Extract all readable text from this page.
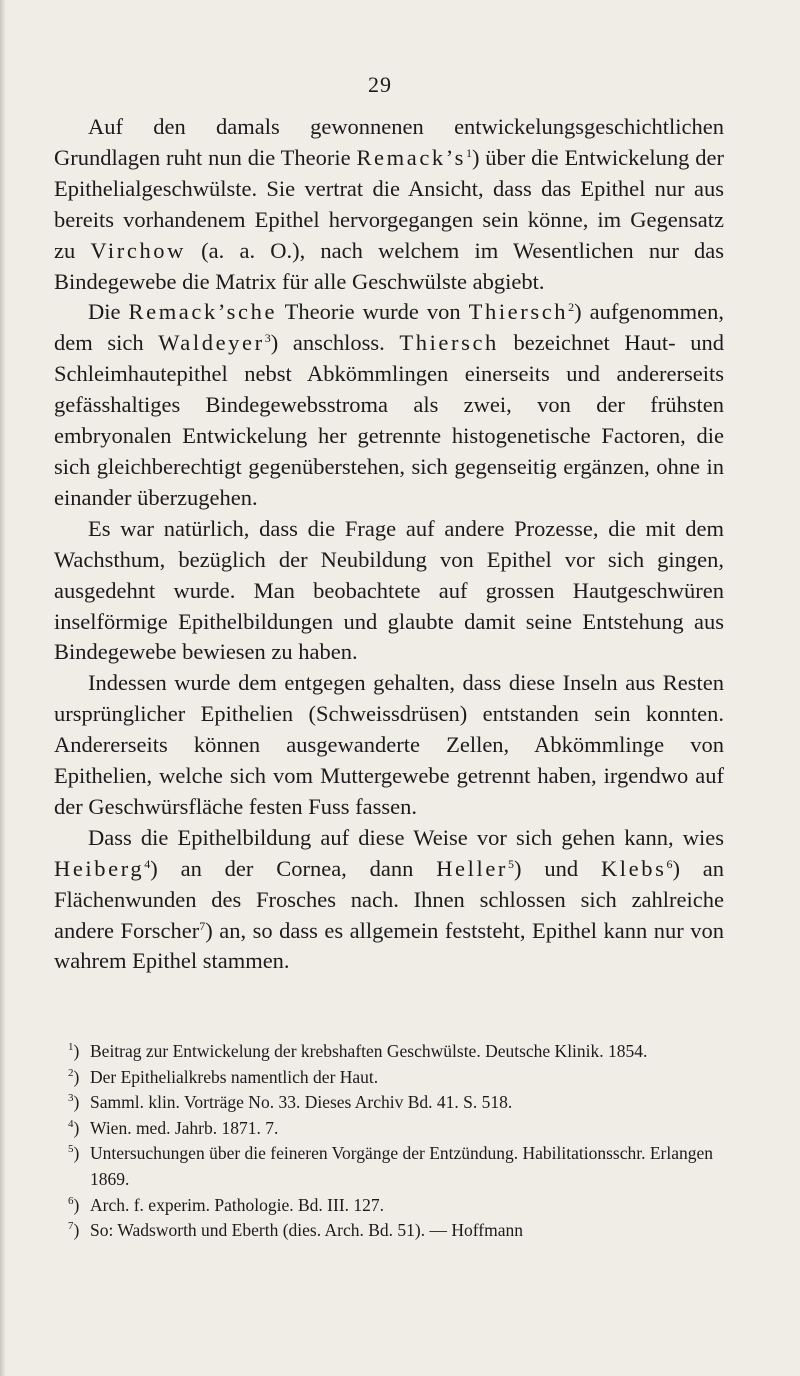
29

Auf den damals gewonnenen entwickelungsgeschichtlichen Grundlagen ruht nun die Theorie $Remack’s^1$) über die Entwickelung der Epithelialgeschwülste. Sie vertrat die Ansicht, dass das Epithel nur aus bereits vorhandenem Epithel hervorgegangen sein könne, im Gegensatz zu Virchow (a. a. O.), nach welchem im Wesentlichen nur das Bindegewebe die Matrix für alle Geschwülste abgiebt.

Die Remack’sche Theorie wurde von Thiersch$^2$) aufgenommen, dem sich Waldeyer$^3$) anschloss. Thiersch bezeichnet Haut- und Schleimhautepithel nebst Abkömmlingen einerseits und andererseits gefässhaltiges Bindegewebsstroma als zwei, von der frühsten embryonalen Entwickelung her getrennte histogenetische Factoren, die sich gleichberechtigt gegenüberstehen, sich gegenseitig ergänzen, ohne in einander überzugehen.

Es war natürlich, dass die Frage auf andere Prozesse, die mit dem Wachsthum, bezüglich der Neubildung von Epithel vor sich gingen, ausgedehnt wurde. Man beobachtete auf grossen Hautgeschwüren inselförmige Epithelbildungen und glaubte damit seine Entstehung aus Bindegewebe bewiesen zu haben.

Indessen wurde dem entgegen gehalten, dass diese Inseln aus Resten ursprünglicher Epithelien (Schweissdrüsen) entstanden sein konnten. Andererseits können ausgewanderte Zellen, Abkömmlinge von Epithelien, welche sich vom Muttergewebe getrennt haben, irgendwo auf der Geschwürsfläche festen Fuss fassen.

Dass die Epithelbildung auf diese Weise vor sich gehen kann, wies Heiberg$^4$) an der Cornea, dann Heller$^5$) und Klebs$^6$) an Flächenwunden des Frosches nach. Ihnen schlossen sich zahlreiche andere Forscher$^7$) an, so dass es allgemein feststeht, Epithel kann nur von wahrem Epithel stammen.

$^1$) Beitrag zur Entwickelung der krebshaften Geschwülste. Deutsche Klinik. 1854.
$^2$) Der Epithelialkrebs namentlich der Haut.
$^3$) Samml. klin. Vorträge No. 33. Dieses Archiv Bd. 41. S. 518.
$^4$) Wien. med. Jahrb. 1871. 7.
$^5$) Untersuchungen über die feineren Vorgänge der Entzündung. Habilitationsschr. Erlangen 1869.
$^6$) Arch. f. experim. Pathologie. Bd. III. 127.
$^7$) So: Wadsworth und Eberth (dies. Arch. Bd. 51). — Hoffmann
